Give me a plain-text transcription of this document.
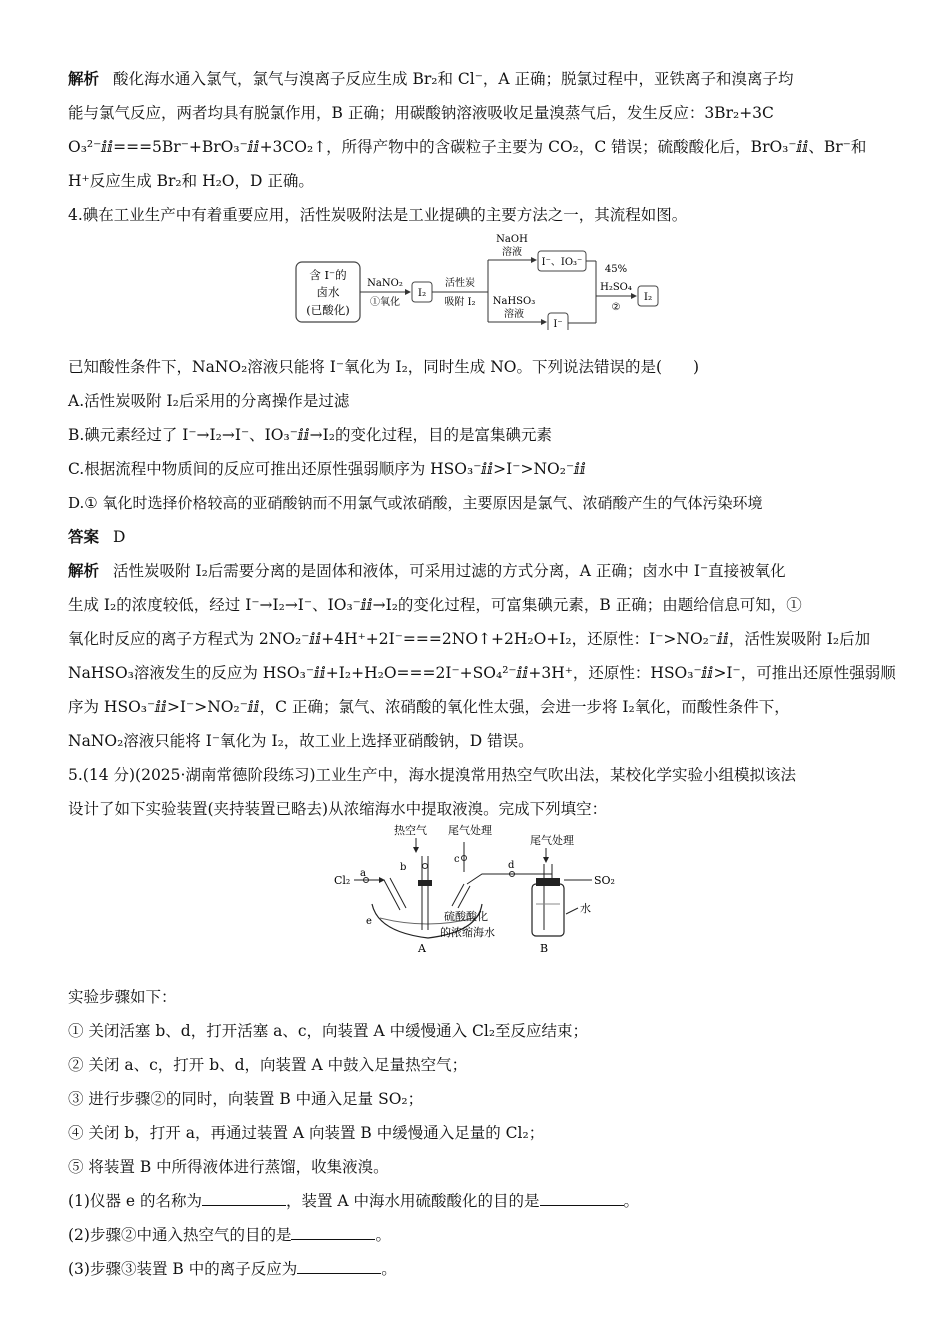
解析 酸化海水通入氯气，氯气与溴离子反应生成 Br₂和 Cl⁻，A 正确；脱氯过程中，亚铁离子和溴离子均

能与氯气反应，两者均具有脱氯作用，B 正确；用碳酸钠溶液吸收足量溴蒸气后，发生反应：3Br₂+3C

O₃²⁻ⅈⅈ===5Br⁻+BrO₃⁻ⅈⅈ+3CO₂↑，所得产物中的含碳粒子主要为 CO₂，C 错误；硫酸酸化后，BrO₃⁻ⅈⅈ、Br⁻和

H⁺反应生成 Br₂和 H₂O，D 正确。

4.碘在工业生产中有着重要应用，活性炭吸附法是工业提碘的主要方法之一，其流程如图。

已知酸性条件下，NaNO₂溶液只能将 I⁻氧化为 I₂，同时生成 NO。下列说法错误的是(　　)

A.活性炭吸附 I₂后采用的分离操作是过滤

B.碘元素经过了 I⁻→I₂→I⁻、IO₃⁻ⅈⅈ→I₂的变化过程，目的是富集碘元素

C.根据流程中物质间的反应可推出还原性强弱顺序为 HSO₃⁻ⅈⅈ>I⁻>NO₂⁻ⅈⅈ

D.① 氧化时选择价格较高的亚硝酸钠而不用氯气或浓硝酸，主要原因是氯气、浓硝酸产生的气体污染环境

答案 D

解析 活性炭吸附 I₂后需要分离的是固体和液体，可采用过滤的方式分离，A 正确；卤水中 I⁻直接被氧化

生成 I₂的浓度较低，经过 I⁻→I₂→I⁻、IO₃⁻ⅈⅈ→I₂的变化过程，可富集碘元素，B 正确；由题给信息可知，①

氧化时反应的离子方程式为 2NO₂⁻ⅈⅈ+4H⁺+2I⁻===2NO↑+2H₂O+I₂，还原性：I⁻>NO₂⁻ⅈⅈ，活性炭吸附 I₂后加

NaHSO₃溶液发生的反应为 HSO₃⁻ⅈⅈ+I₂+H₂O===2I⁻+SO₄²⁻ⅈⅈ+3H⁺，还原性：HSO₃⁻ⅈⅈ>I⁻，可推出还原性强弱顺

序为 HSO₃⁻ⅈⅈ>I⁻>NO₂⁻ⅈⅈ，C 正确；氯气、浓硝酸的氧化性太强，会进一步将 I₂氧化，而酸性条件下，

NaNO₂溶液只能将 I⁻氧化为 I₂，故工业上选择亚硝酸钠，D 错误。

5.(14 分)(2025·湖南常德阶段练习)工业生产中，海水提溴常用热空气吹出法，某校化学实验小组模拟该法

设计了如下实验装置(夹持装置已略去)从浓缩海水中提取液溴。完成下列填空：

实验步骤如下：

① 关闭活塞 b、d，打开活塞 a、c，向装置 A 中缓慢通入 Cl₂至反应结束；

② 关闭 a、c，打开 b、d，向装置 A 中鼓入足量热空气；

③ 进行步骤②的同时，向装置 B 中通入足量 SO₂；

④ 关闭 b，打开 a，再通过装置 A 向装置 B 中缓慢通入足量的 Cl₂；

⑤ 将装置 B 中所得液体进行蒸馏，收集液溴。

(1)仪器 e 的名称为	，装置 A 中海水用硫酸酸化的目的是	。

(2)步骤②中通入热空气的目的是	。

(3)步骤③装置 B 中的离子反应为	。

含 I⁻的
卤水
(已酸化)
NaNO₂
①氧化
I₂
活性炭
吸附 I₂
NaOH
溶液
NaHSO₃
溶液
I⁻、IO₃⁻
I⁻
45%
H₂SO₄
②
I₂
热空气 尾气处理
尾气处理
Cl₂
a
b
c
d
e
A
硫酸酸化
的浓缩海水
SO₂
水
B
